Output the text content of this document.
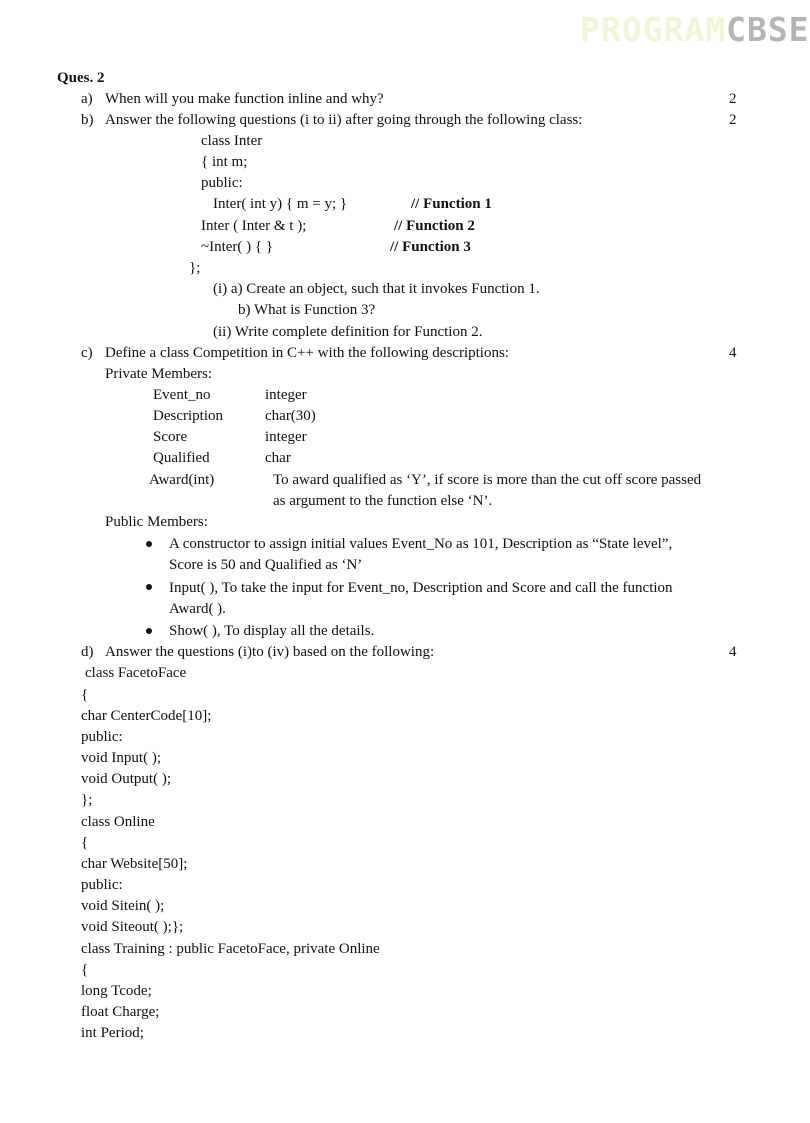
PROGRAMCBSE
Ques. 2
a) When will you make function inline and why?	2
b) Answer the following questions (i to ii) after going through the following class:	2
class Inter
{ int m;
public:
Inter( int y) { m = y; }	// Function 1
Inter ( Inter & t );	// Function 2
~Inter( ) { }	// Function 3
};
(i) a) Create an object, such that it invokes Function 1.
b) What is Function 3?
(ii) Write complete definition for Function 2.
c) Define a class Competition in C++ with the following descriptions:	4
Private Members:
Event_no	integer
Description	char(30)
Score	integer
Qualified	char
Award(int)	To award qualified as ‘Y’, if score is more than the cut off score passed
as argument to the function else ‘N’.
Public Members:
A constructor to assign initial values Event_No as 101, Description as “State level”,
Score is 50 and Qualified as ‘N’
Input( ), To take the input for Event_no, Description and Score and call the function
Award( ).
Show( ), To display all the details.
d) Answer the questions (i)to (iv) based on the following:	4
class FacetoFace
{
char CenterCode[10];
public:
void Input( );
void Output( );
};
class Online
{
char Website[50];
public:
void Sitein( );
void Siteout( );};
class Training : public FacetoFace, private Online
{
long Tcode;
float Charge;
int Period;
